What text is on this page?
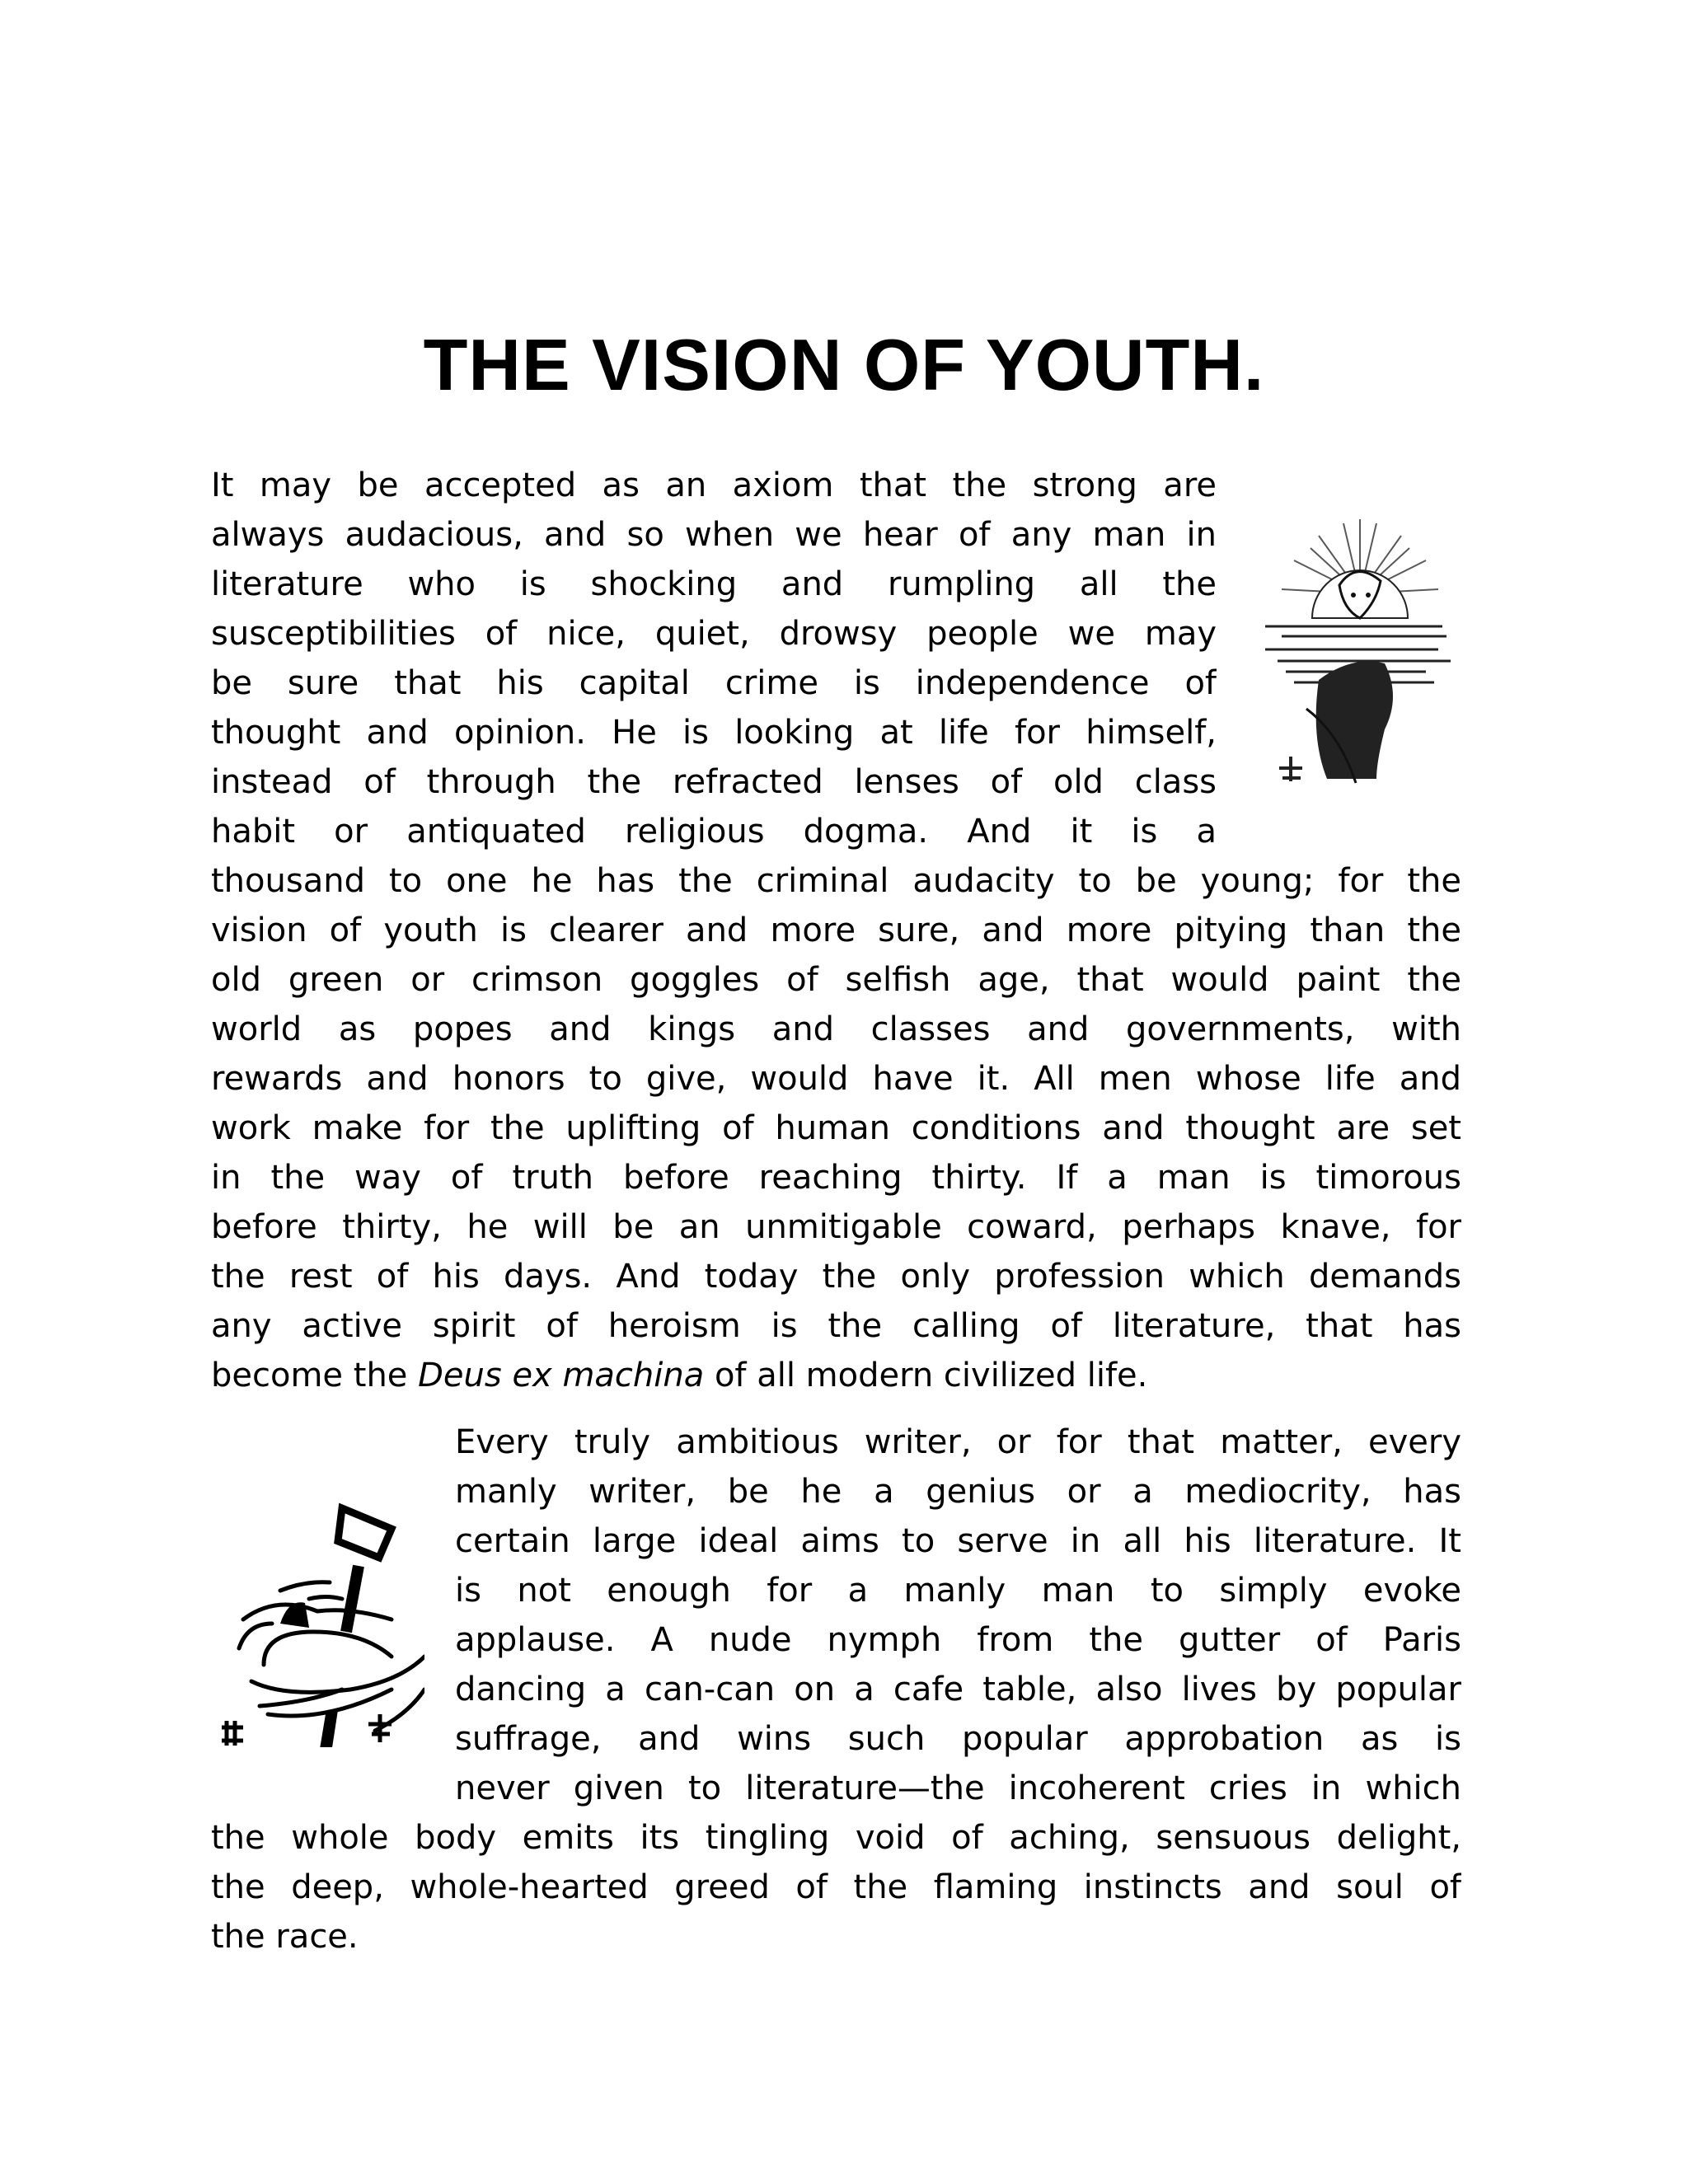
THE VISION OF YOUTH.
It may be accepted as an axiom that the strong are
always audacious, and so when we hear of any man in
literature who is shocking and rumpling all the
susceptibilities of nice, quiet, drowsy people we may
be sure that his capital crime is independence of
thought and opinion. He is looking at life for himself,
instead of through the refracted lenses of old class
habit or antiquated religious dogma. And it is a
thousand to one he has the criminal audacity to be young; for the
vision of youth is clearer and more sure, and more pitying than the
old green or crimson goggles of selfish age, that would paint the
world as popes and kings and classes and governments, with
rewards and honors to give, would have it. All men whose life and
work make for the uplifting of human conditions and thought are set
in the way of truth before reaching thirty. If a man is timorous
before thirty, he will be an unmitigable coward, perhaps knave, for
the rest of his days. And today the only profession which demands
any active spirit of heroism is the calling of literature, that has
become the Deus ex machina of all modern civilized life.
Every truly ambitious writer, or for that matter, every
manly writer, be he a genius or a mediocrity, has
certain large ideal aims to serve in all his literature. It
is not enough for a manly man to simply evoke
applause. A nude nymph from the gutter of Paris
dancing a can-can on a cafe table, also lives by popular
suffrage, and wins such popular approbation as is
never given to literature—the incoherent cries in which
the whole body emits its tingling void of aching, sensuous delight,
the deep, whole-hearted greed of the flaming instincts and soul of
the race.
